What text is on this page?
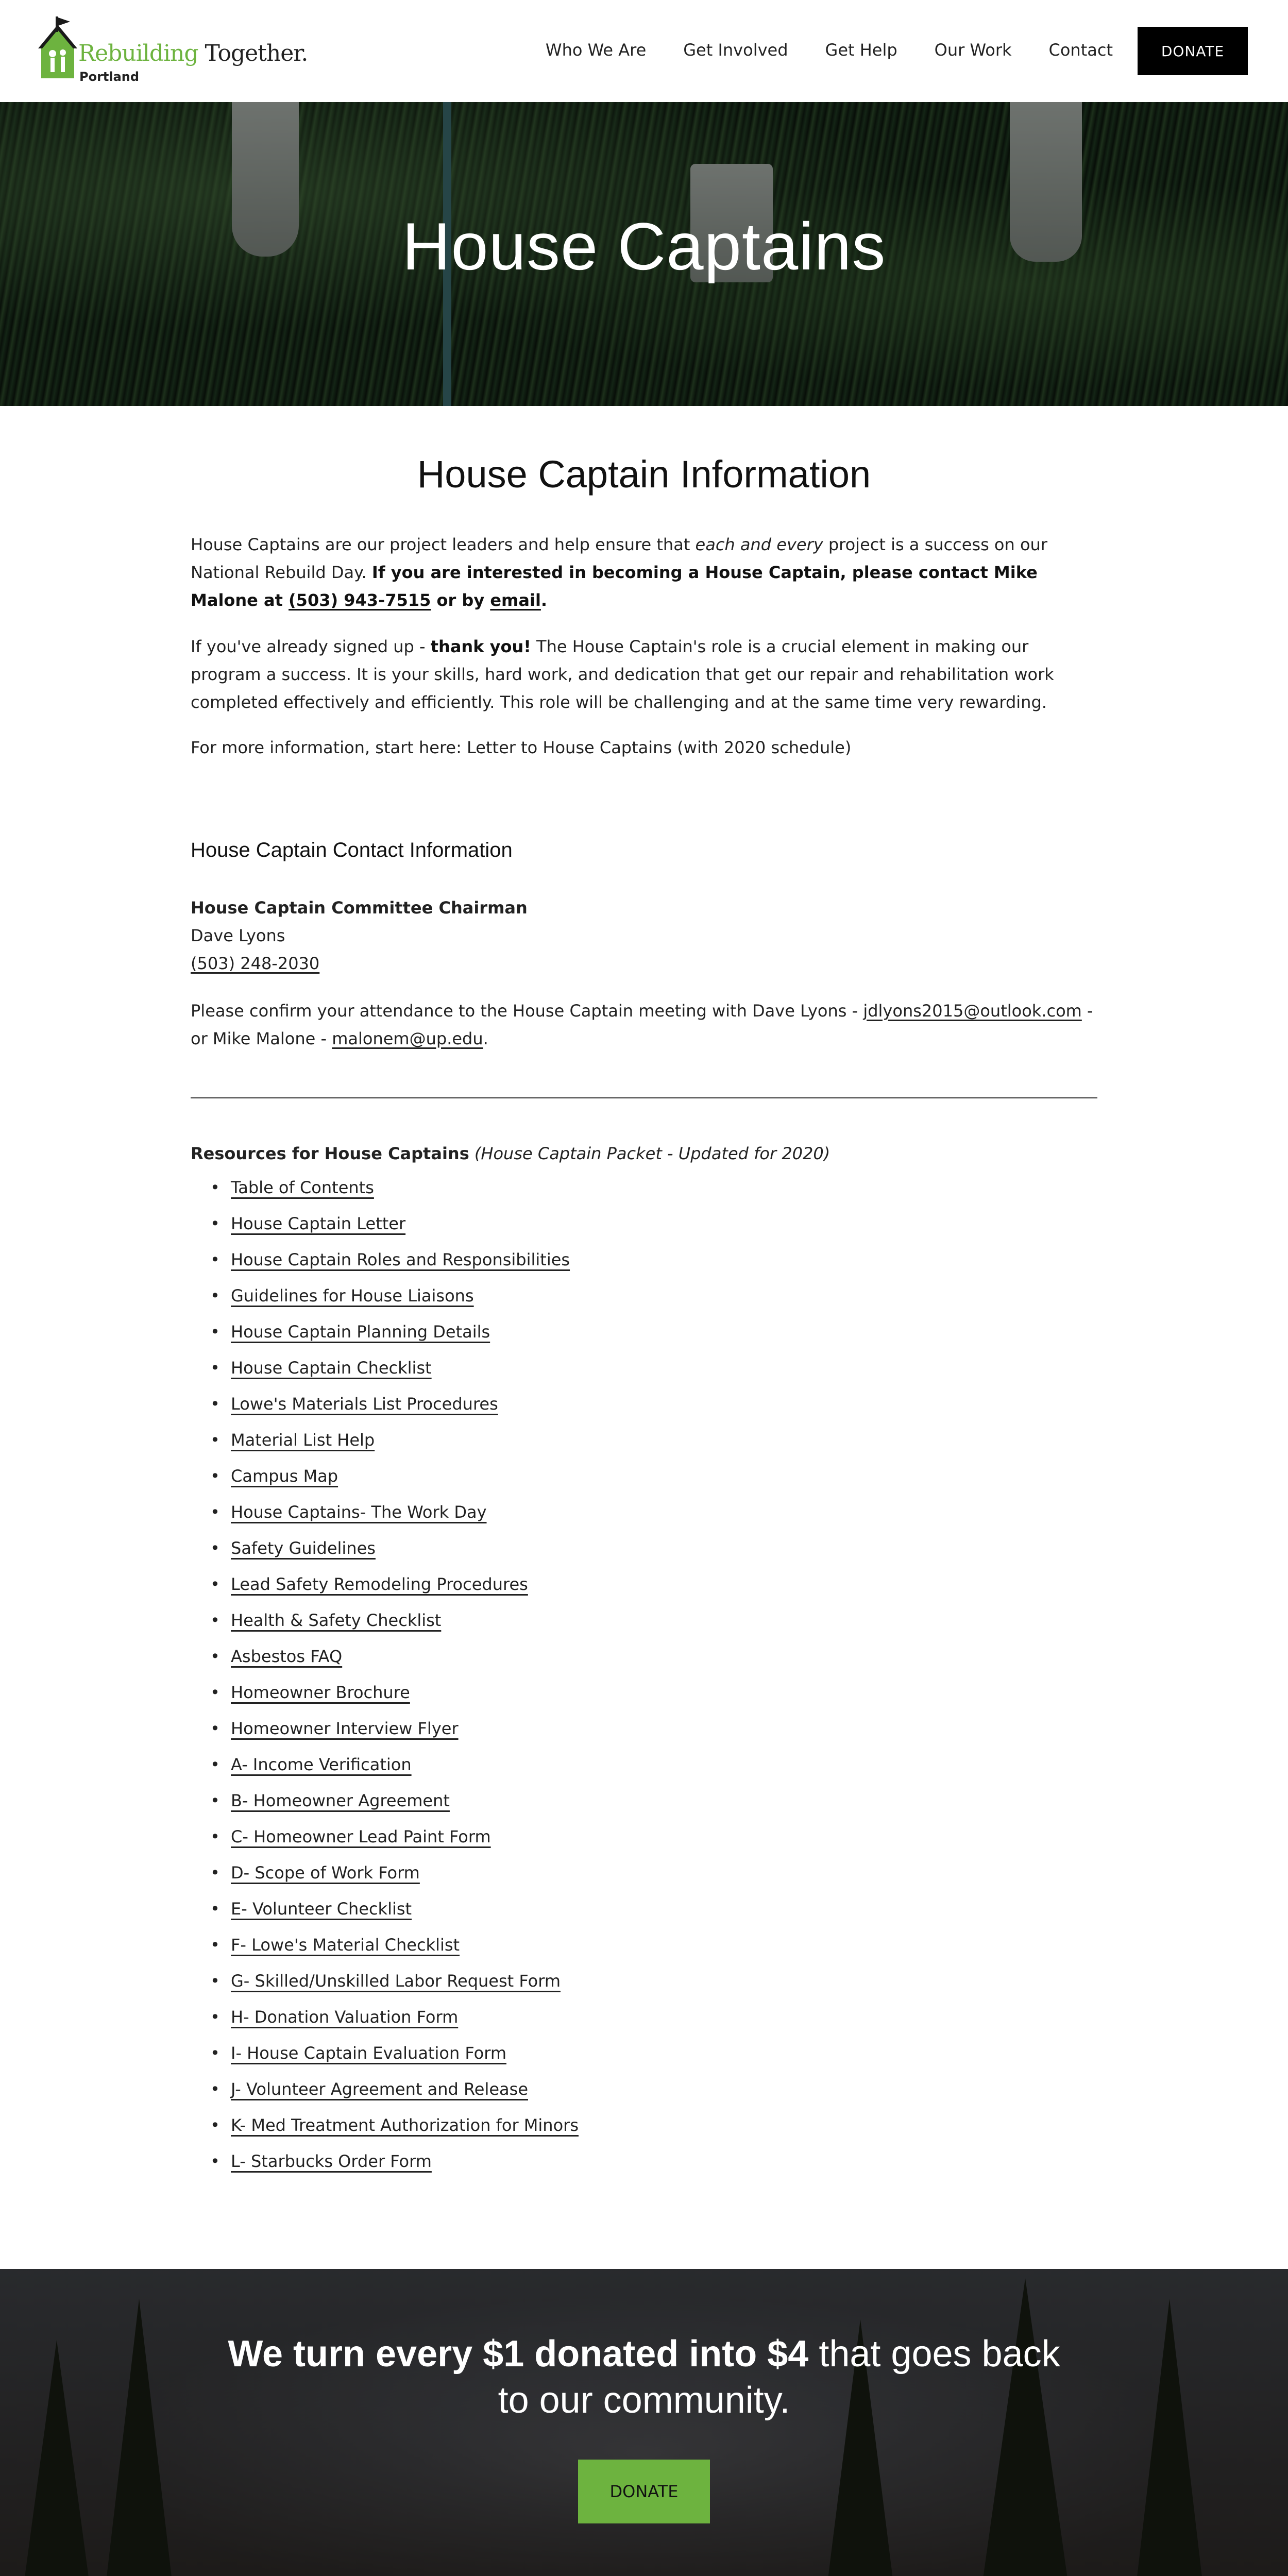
Rebuilding Together.
Portland
Who We Are Get Involved Get Help Our Work Contact	DONATE
House Captains
House Captain Information
House Captains are our project leaders and help ensure that each and every project is a success on our National Rebuild Day. If you are interested in becoming a House Captain, please contact Mike Malone at (503) 943-7515 or by email.
If you've already signed up - thank you! The House Captain's role is a crucial element in making our program a success. It is your skills, hard work, and dedication that get our repair and rehabilitation work completed effectively and efficiently. This role will be challenging and at the same time very rewarding.
For more information, start here: Letter to House Captains (with 2020 schedule)
House Captain Contact Information
House Captain Committee Chairman
Dave Lyons
(503) 248-2030
Please confirm your attendance to the House Captain meeting with Dave Lyons - jdlyons2015@outlook.com - or Mike Malone - malonem@up.edu.
Resources for House Captains (House Captain Packet - Updated for 2020)
• Table of Contents
• House Captain Letter
• House Captain Roles and Responsibilities
• Guidelines for House Liaisons
• House Captain Planning Details
• House Captain Checklist
• Lowe's Materials List Procedures
• Material List Help
• Campus Map
• House Captains- The Work Day
• Safety Guidelines
• Lead Safety Remodeling Procedures
• Health & Safety Checklist
• Asbestos FAQ
• Homeowner Brochure
• Homeowner Interview Flyer
• A- Income Verification
• B- Homeowner Agreement
• C- Homeowner Lead Paint Form
• D- Scope of Work Form
• E- Volunteer Checklist
• F- Lowe's Material Checklist
• G- Skilled/Unskilled Labor Request Form
• H- Donation Valuation Form
• I- House Captain Evaluation Form
• J- Volunteer Agreement and Release
• K- Med Treatment Authorization for Minors
• L- Starbucks Order Form
We turn every $1 donated into $4 that goes back
to our community.
DONATE
